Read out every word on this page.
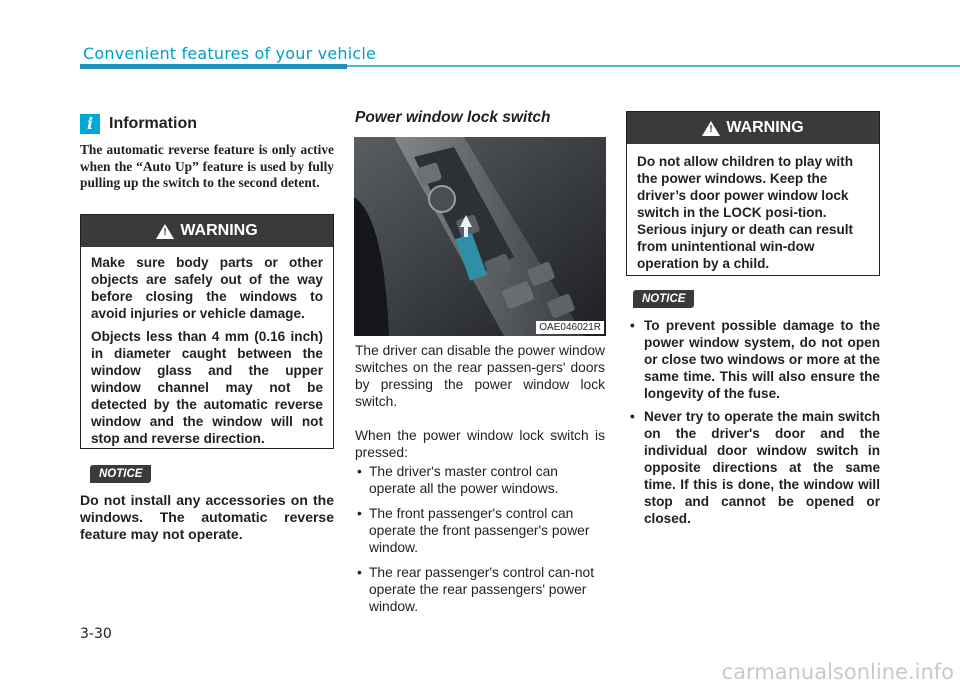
Convenient features of your vehicle
i Information
The automatic reverse feature is only active when the “Auto Up” feature is used by fully pulling up the switch to the second detent.
! WARNING

Make sure body parts or other objects are safely out of the way before closing the windows to avoid injuries or vehicle damage.

Objects less than 4 mm (0.16 inch) in diameter caught between the window glass and the upper window channel may not be detected by the automatic reverse window and the window will not stop and reverse direction.

NOTICE
Do not install any accessories on the windows. The automatic reverse feature may not operate.
Power window lock switch
OAE046021R
The driver can disable the power window switches on the rear passen-gers' doors by pressing the power window lock switch.
When the power window lock switch is pressed:
• The driver's master control can operate all the power windows.
• The front passenger's control can operate the front passenger's power window.
• The rear passenger's control can-not operate the rear passengers' power window.
! WARNING

Do not allow children to play with the power windows. Keep the driver’s door power window lock switch in the LOCK posi-tion. Serious injury or death can result from unintentional win-dow operation by a child.

NOTICE
• To prevent possible damage to the power window system, do not open or close two windows or more at the same time. This will also ensure the longevity of the fuse.
• Never try to operate the main switch on the driver's door and the individual door window switch in opposite directions at the same time. If this is done, the window will stop and cannot be opened or closed.
3-30
carmanualsonline.info
